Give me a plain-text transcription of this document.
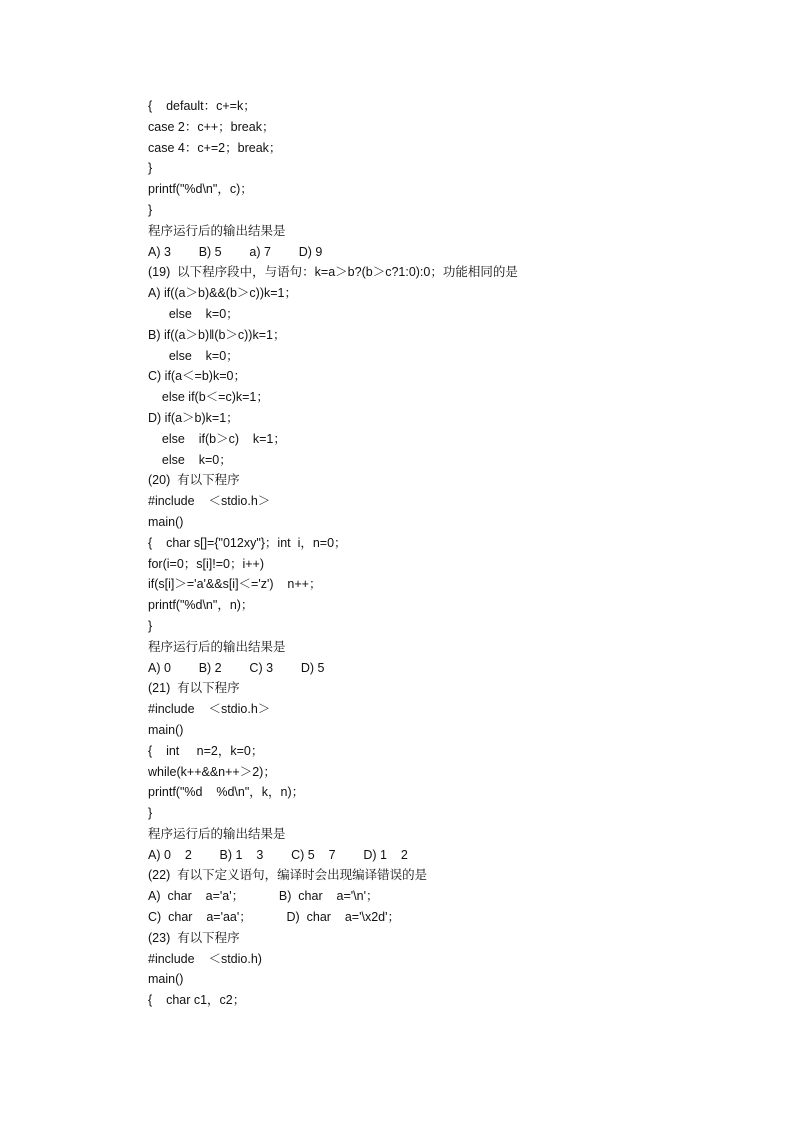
{    default：c+=k；
case 2：c++；break；
case 4：c+=2；break；
}
printf("%d\n"，c)；
}
程序运行后的输出结果是
A) 3        B) 5        a) 7        D) 9
(19)  以下程序段中，与语句：k=a＞b?(b＞c?1:0):0；功能相同的是
A) if((a＞b)&&(b＞c))k=1；
else    k=0；
B) if((a＞b)‖(b＞c))k=1；
else    k=0；
C) if(a＜=b)k=0；
else if(b＜=c)k=1；
D) if(a＞b)k=1；
else    if(b＞c)    k=1；
else    k=0；
(20)  有以下程序
#include    ＜stdio.h＞
main()
{    char s[]={"012xy"}；int  i，n=0；
for(i=0；s[i]!=0；i++)
if(s[i]＞='a'&&s[i]＜='z')    n++；
printf("%d\n"，n)；
}
程序运行后的输出结果是
A) 0        B) 2        C) 3        D) 5
(21)  有以下程序
#include    ＜stdio.h＞
main()
{    int     n=2，k=0；
while(k++&&n++＞2)；
printf("%d    %d\n"，k，n)；
}
程序运行后的输出结果是
A) 0    2        B) 1    3        C) 5    7        D) 1    2
(22)  有以下定义语句，编译时会出现编译错误的是
A)  char    a='a'；          B)  char    a='\n'；
C)  char    a='aa'；          D)  char    a='\x2d'；
(23)  有以下程序
#include    ＜stdio.h)
main()
{    char c1，c2；
